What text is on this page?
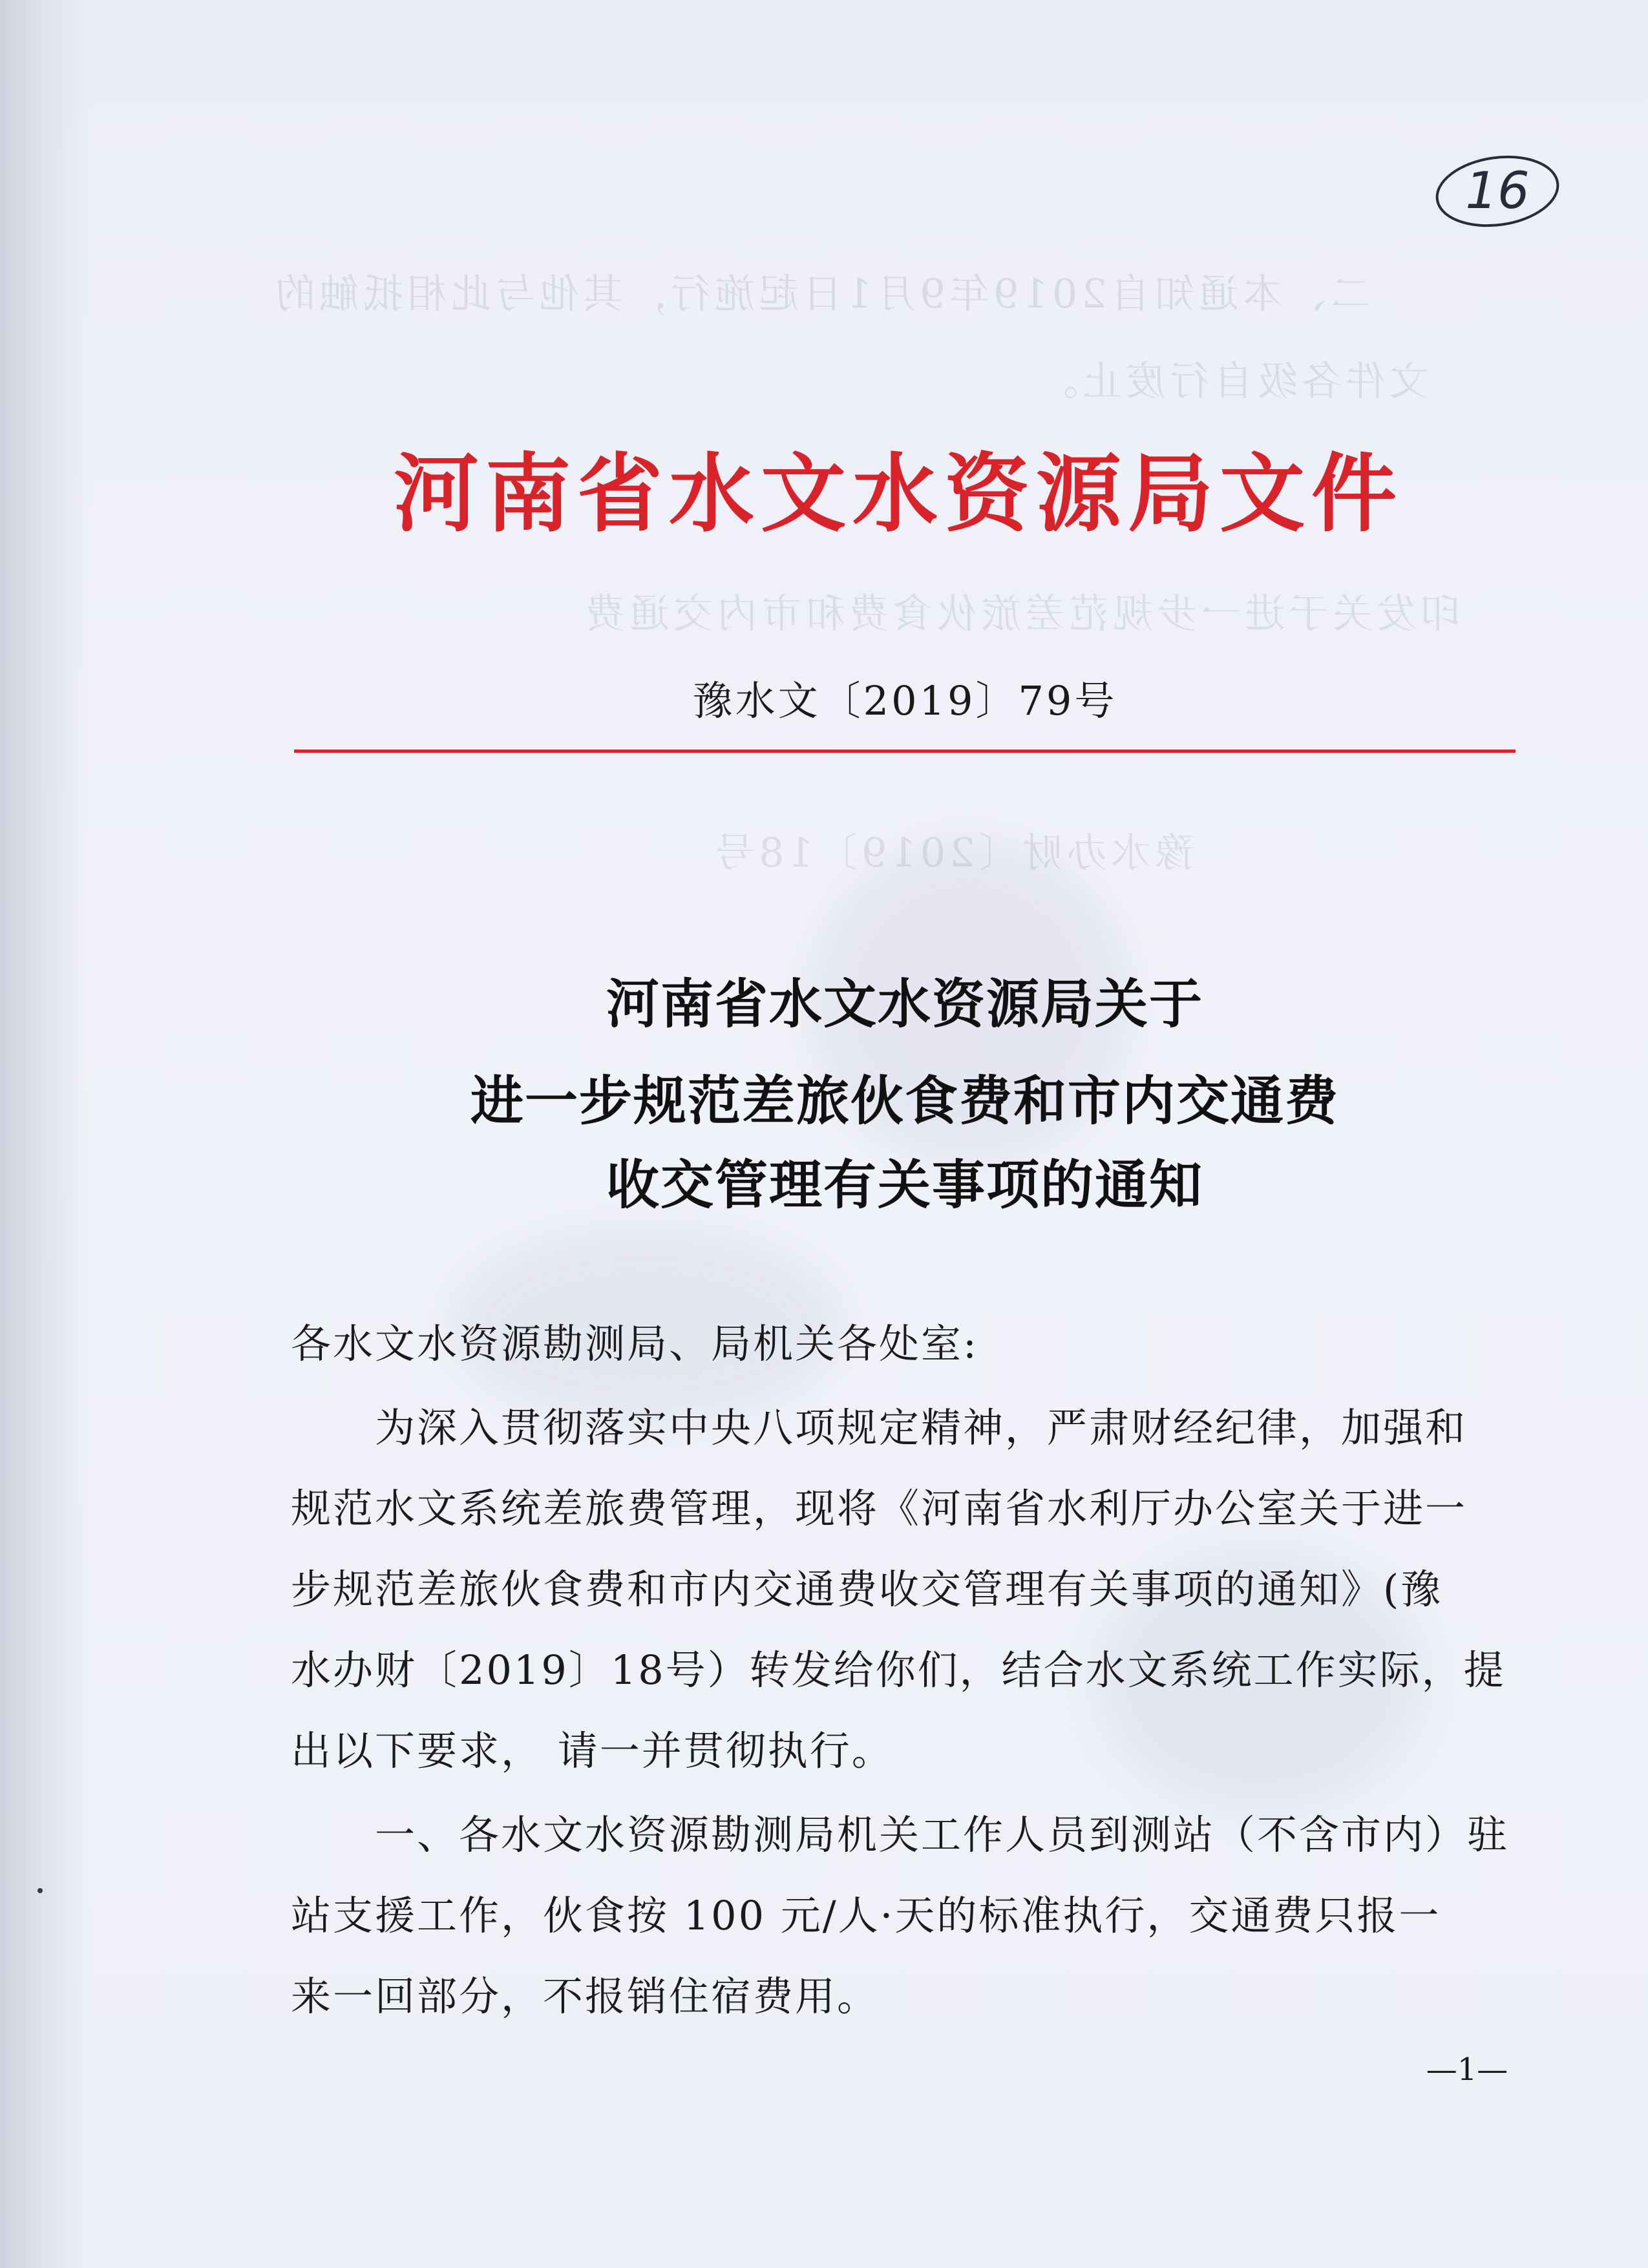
二、本通知自2019年9月1日起施行，其他与此相抵触的
文件各级自行废止。
印发关于进一步规范差旅伙食费和市内交通费
豫水办财〔2019〕18号
16
河南省水文水资源局文件
豫水文〔2019〕79号
河南省水文水资源局关于
进一步规范差旅伙食费和市内交通费
收交管理有关事项的通知
各水文水资源勘测局、局机关各处室:
　　为深入贯彻落实中央八项规定精神，严肃财经纪律，加强和
规范水文系统差旅费管理，现将《河南省水利厅办公室关于进一
步规范差旅伙食费和市内交通费收交管理有关事项的通知》(豫
水办财〔2019〕18号）转发给你们，结合水文系统工作实际，提
出以下要求， 请一并贯彻执行。
　　一、各水文水资源勘测局机关工作人员到测站（不含市内）驻
站支援工作，伙食按 100 元/人·天的标准执行，交通费只报一
来一回部分，不报销住宿费用。
—1—
